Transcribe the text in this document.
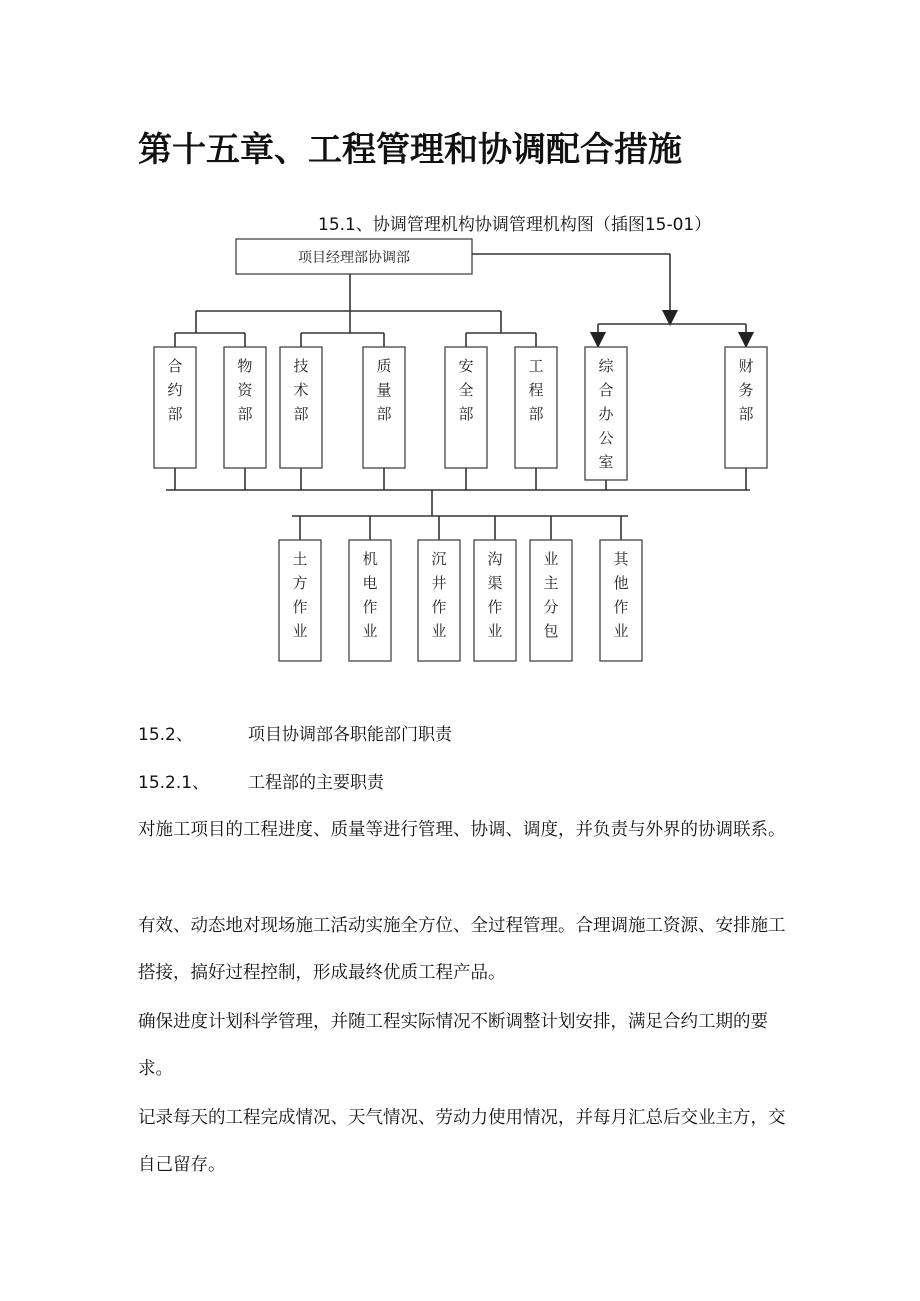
第十五章、工程管理和协调配合措施
15.1、协调管理机构协调管理机构图（插图15-01）
项目经理部协调部
合约部
物资部
技术部
质量部
安全部
工程部
综合办公室
财务部
土方作业
机电作业
沉井作业
沟渠作业
业主分包
其他作业
15.2、	项目协调部各职能部门职责
15.2.1、 工程部的主要职责

对施工项目的工程进度、质量等进行管理、协调、调度，并负责与外界的协调联系。

有效、动态地对现场施工活动实施全方位、全过程管理。合理调施工资源、安排施工搭接，搞好过程控制，形成最终优质工程产品。

确保进度计划科学管理，并随工程实际情况不断调整计划安排，满足合约工期的要求。

记录每天的工程完成情况、天气情况、劳动力使用情况，并每月汇总后交业主方，交自己留存。
